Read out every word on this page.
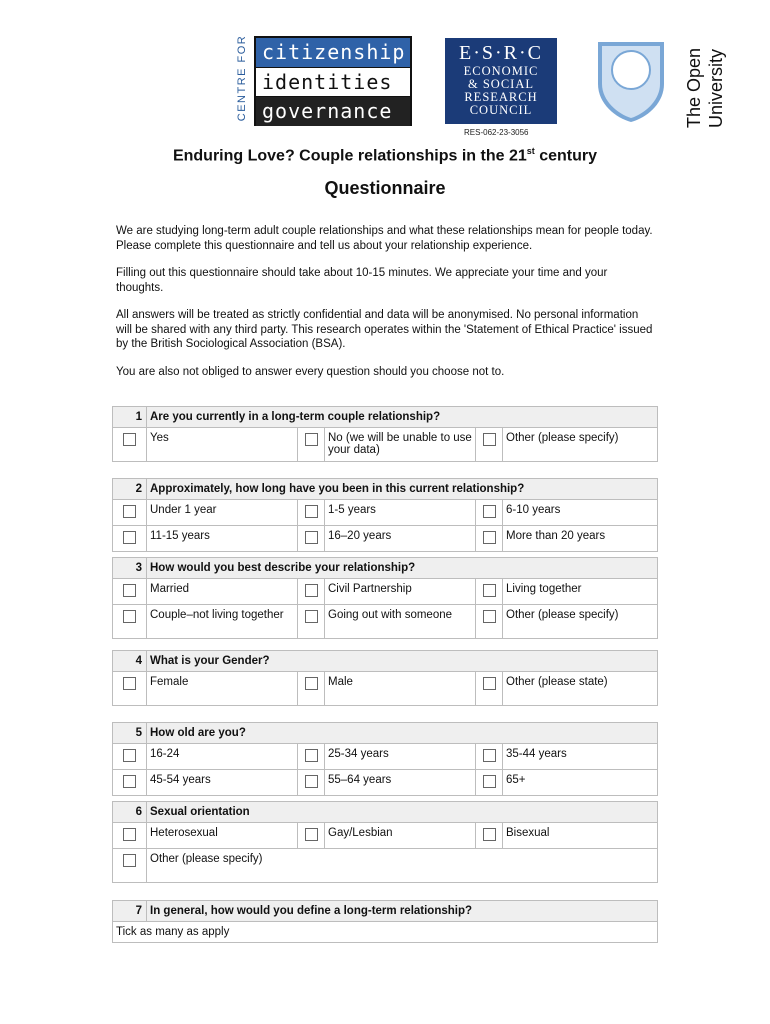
CENTRE FOR citizenship
identities
governance
E·S·R·C
ECONOMIC
& SOCIAL
RESEARCH
COUNCIL	The Open University
RES-062-23-3056
Enduring Love? Couple relationships in the 21st century
Questionnaire

We are studying long-term adult couple relationships and what these relationships mean for people today. Please complete this questionnaire and tell us about your relationship experience.

Filling out this questionnaire should take about 10-15 minutes. We appreciate your time and your thoughts.

All answers will be treated as strictly confidential and data will be anonymised. No personal information will be shared with any third party. This research operates within the 'Statement of Ethical Practice' issued by the British Sociological Association (BSA).

You are also not obliged to answer every question should you choose not to.

1	Are you currently in a long-term couple relationship?				
	Yes		No (we will be unable to use your data)		Other (please specify)
2	Approximately, how long have you been in this current relationship?				
	Under 1 year		1-5 years		6-10 years
	11-15 years		16–20 years		More than 20 years
3	How would you best describe your relationship?				
	Married		Civil Partnership		Living together
	Couple–not living together		Going out with someone		Other (please specify)
4	What is your Gender?				
	Female		Male		Other (please state)
5	How old are you?				
	16-24		25-34 years		35-44 years
	45-54 years		55–64 years		65+
6	Sexual orientation				
	Heterosexual		Gay/Lesbian		Bisexual
	Other (please specify)				
7	In general, how would you define a long-term relationship?
Tick as many as apply
